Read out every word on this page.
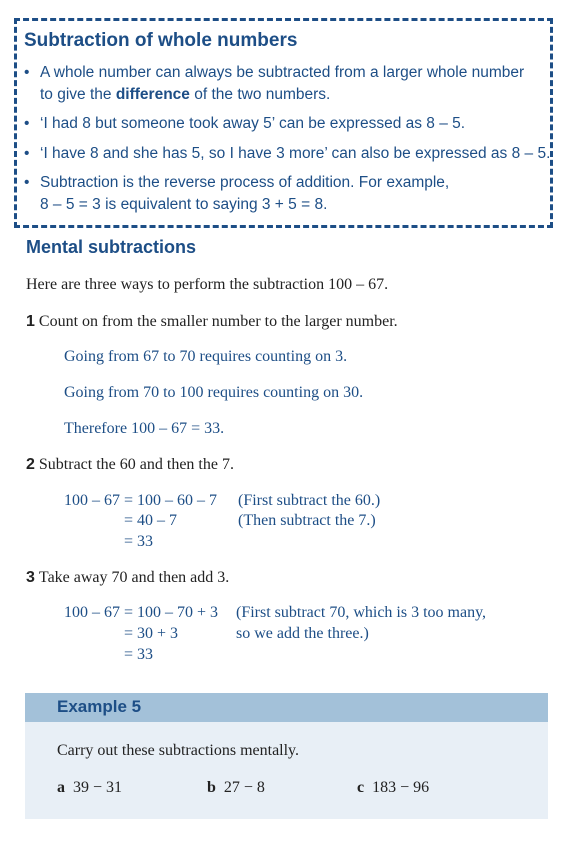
Subtraction of whole numbers
• A whole number can always be subtracted from a larger whole number
to give the difference of the two numbers.
• ‘I had 8 but someone took away 5’ can be expressed as 8 – 5.
• ‘I have 8 and she has 5, so I have 3 more’ can also be expressed as 8 – 5.
• Subtraction is the reverse process of addition. For example,
8 – 5 = 3 is equivalent to saying 3 + 5 = 8.
Mental subtractions
Here are three ways to perform the subtraction 100 – 67.
1 Count on from the smaller number to the larger number.
Going from 67 to 70 requires counting on 3.
Going from 70 to 100 requires counting on 30.
Therefore 100 – 67 = 33.
2 Subtract the 60 and then the 7.
100 – 67 = 100 – 60 – 7 (First subtract the 60.)
= 40 – 7	(Then subtract the 7.)
= 33
3 Take away 70 and then add 3.
100 – 67 = 100 – 70 + 3 (First subtract 70, which is 3 too many,
= 30 + 3	so we add the three.)
= 33
Example 5
Carry out these subtractions mentally.
a 39 − 31	b 27 − 8	c 183 − 96
